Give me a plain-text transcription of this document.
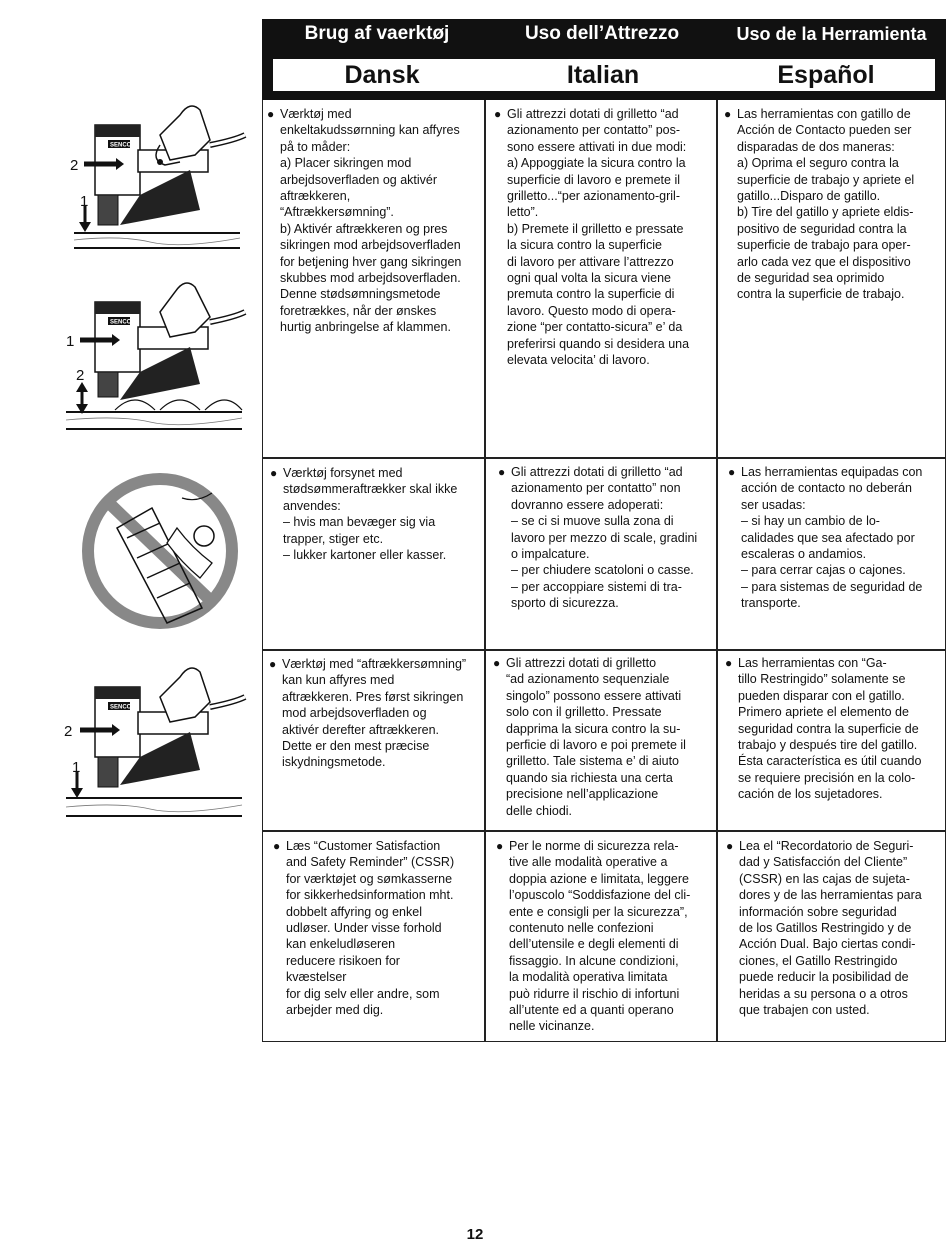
Brug af vaerktøj	Uso dell’Attrezzo	Uso de la Herramienta
Dansk	Italian	Español
● Værktøj med
enkeltakudssørnning kan affyres
på to måder:
a) Placer sikringen mod
arbejdsoverfladen og aktivér
aftrækkeren,
“Aftrækkersømning”.
b) Aktivér aftrækkeren og pres
sikringen mod arbejdsoverfladen
for betjening hver gang sikringen
skubbes mod arbejdsoverfladen.
Denne stødsømningsmetode
foretrækkes, når der ønskes
hurtig anbringelse af klammen.
● Gli attrezzi dotati di grilletto “ad
azionamento per contatto” pos-
sono essere attivati in due modi:
a) Appoggiate la sicura contro la
superficie di lavoro e premete il
grilletto...“per azionamento-gril-
letto”.
b) Premete il grilletto e pressate
la sicura contro la superficie
di lavoro per attivare l’attrezzo
ogni qual volta la sicura viene
premuta contro la superficie di
lavoro. Questo modo di opera-
zione “per contatto-sicura” e’ da
preferirsi quando si desidera una
elevata velocita’ di lavoro.
● Las herramientas con gatillo de
Acción de Contacto pueden ser
disparadas de dos maneras:
a) Oprima el seguro contra la
superficie de trabajo y apriete el
gatillo...Disparo de gatillo.
b) Tire del gatillo y apriete eldis-
positivo de seguridad contra la
superficie de trabajo para oper-
arlo cada vez que el dispositivo
de seguridad sea oprimido
contra la superficie de trabajo.
● Værktøj forsynet med
stødsømmeraftrækker skal ikke
anvendes:
– hvis man bevæger sig via
trapper, stiger etc.
– lukker kartoner eller kasser.
● Gli attrezzi dotati di grilletto “ad
azionamento per contatto” non
dovranno essere adoperati:
– se ci si muove sulla zona di
lavoro per mezzo di scale, gradini
o impalcature.
– per chiudere scatoloni o casse.
– per accoppiare sistemi di tra-
sporto di sicurezza.
● Las herramientas equipadas con
acción de contacto no deberán
ser usadas:
– si hay un cambio de lo-
calidades que sea afectado por
escaleras o andamios.
– para cerrar cajas o cajones.
– para sistemas de seguridad de
transporte.
● Værktøj med “aftrækkersømning”
kan kun affyres med
aftrækkeren. Pres først sikringen
mod arbejdsoverfladen og
aktivér derefter aftrækkeren.
Dette er den mest præcise
iskydningsmetode.
● Gli attrezzi dotati di grilletto
“ad azionamento sequenziale
singolo” possono essere attivati
solo con il grilletto. Pressate
dapprima la sicura contro la su-
perficie di lavoro e poi premete il
grilletto. Tale sistema e’ di aiuto
quando sia richiesta una certa
precisione nell’applicazione
delle chiodi.
● Las herramientas con “Ga-
tillo Restringido” solamente se
pueden disparar con el gatillo.
Primero apriete el elemento de
seguridad contra la superficie de
trabajo y después tire del gatillo.
Ésta característica es útil cuando
se requiere precisión en la colo-
cación de los sujetadores.
● Læs “Customer Satisfaction
and Safety Reminder” (CSSR)
for værktøjet og sømkasserne
for sikkerhedsinformation mht.
dobbelt affyring og enkel
udløser. Under visse forhold
kan enkeludløseren
reducere risikoen for
kvæstelser
for dig selv eller andre, som
arbejder med dig.
● Per le norme di sicurezza rela-
tive alle modalità operative a
doppia azione e limitata, leggere
l’opuscolo “Soddisfazione del cli-
ente e consigli per la sicurezza”,
contenuto nelle confezioni
dell’utensile e degli elementi di
fissaggio. In alcune condizioni,
la modalità operativa limitata
può ridurre il rischio di infortuni
all’utente ed a quanti operano
nelle vicinanze.
● Lea el “Recordatorio de Seguri-
dad y Satisfacción del Cliente”
(CSSR) en las cajas de sujeta-
dores y de las herramientas para
información sobre seguridad
de los Gatillos Restringido y de
Acción Dual. Bajo ciertas condi-
ciones, el Gatillo Restringido
puede reducir la posibilidad de
heridas a su persona o a otros
que trabajen con usted.
SENCO
2
1
SENCO
1
2
SENCO
2
1
12
